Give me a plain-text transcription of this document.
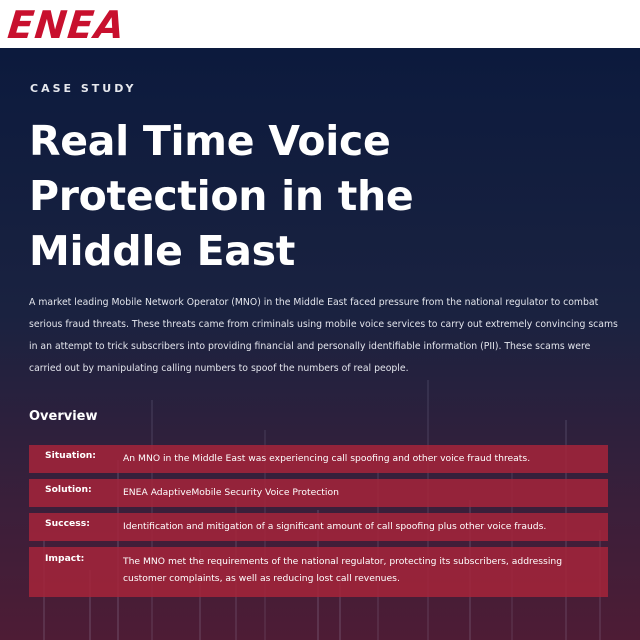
ENEA
CASE STUDY
Real Time Voice
Protection in the
Middle East

A market leading Mobile Network Operator (MNO) in the Middle East faced pressure from the national regulator to combat serious fraud threats. These threats came from criminals using mobile voice services to carry out extremely convincing scams in an attempt to trick subscribers into providing financial and personally identifiable information (PII). These scams were carried out by manipulating calling numbers to spoof the numbers of real people.

Overview
Situation:	An MNO in the Middle East was experiencing call spoofing and other voice fraud threats.
Solution:	ENEA AdaptiveMobile Security Voice Protection
Success:	Identification and mitigation of a significant amount of call spoofing plus other voice frauds.
Impact:	The MNO met the requirements of the national regulator, protecting its subscribers, addressing customer complaints, as well as reducing lost call revenues.
